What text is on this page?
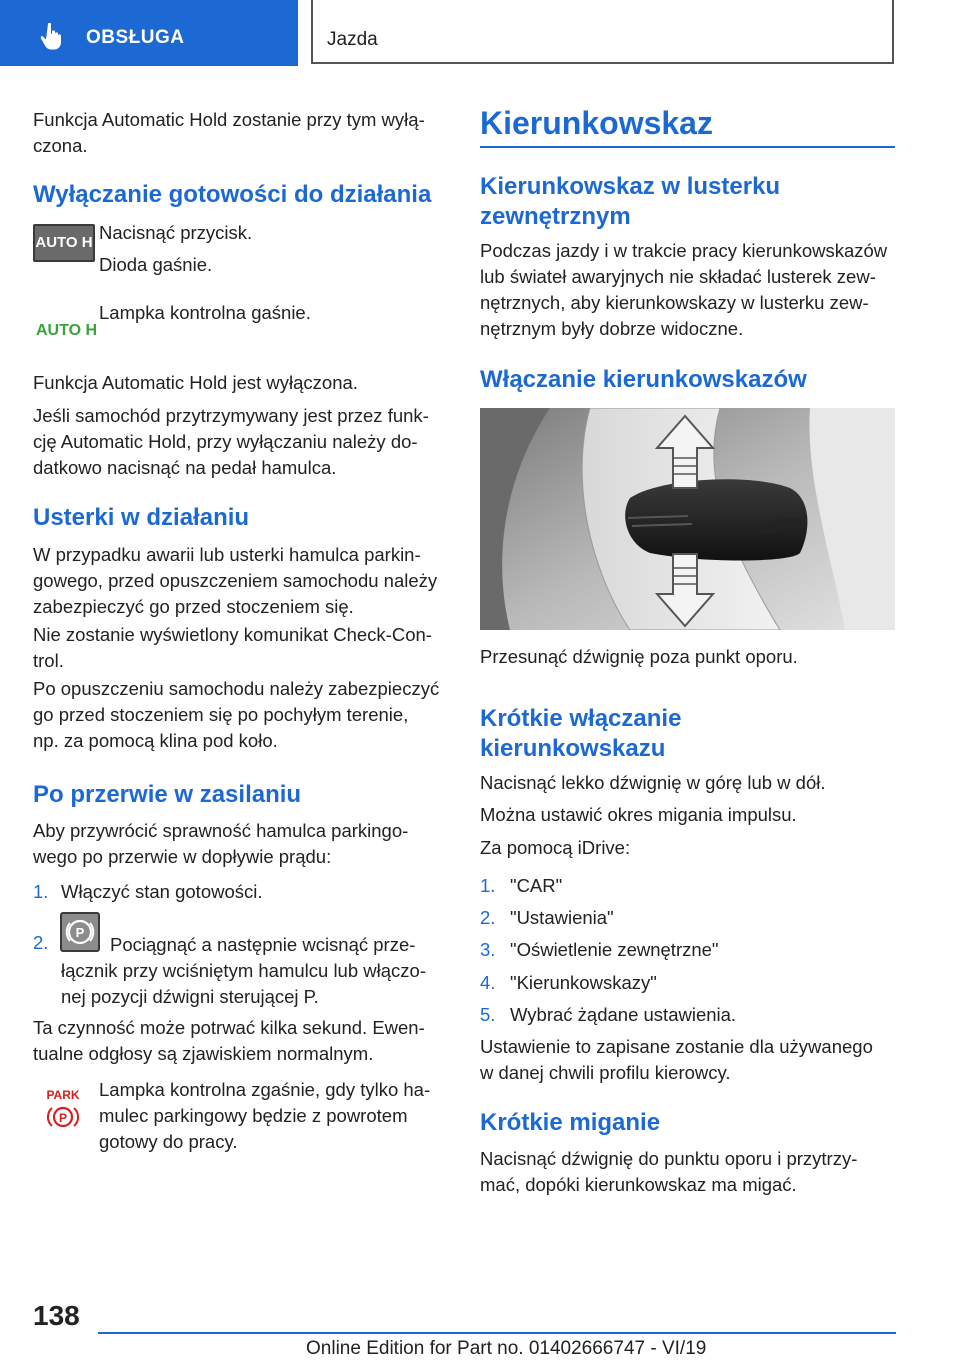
OBSŁUGA	Jazda

Funkcja Automatic Hold zostanie przy tym wyłą-

czona.

Wyłączanie gotowości do działania
AUTO H Nacisnąć przycisk.
Dioda gaśnie.
AUTO H
Lampka kontrolna gaśnie.
Funkcja Automatic Hold jest wyłączona.

Jeśli samochód przytrzymywany jest przez funk-

cję Automatic Hold, przy wyłączaniu należy do-

datkowo nacisnąć na pedał hamulca.

Usterki w działaniu

W przypadku awarii lub usterki hamulca parkin-

gowego, przed opuszczeniem samochodu należy

zabezpieczyć go przed stoczeniem się.

Nie zostanie wyświetlony komunikat Check-Con-

trol.

Po opuszczeniu samochodu należy zabezpieczyć

go przed stoczeniem się po pochyłym terenie,

np. za pomocą klina pod koło.

Po przerwie w zasilaniu

Aby przywrócić sprawność hamulca parkingo-

wego po przerwie w dopływie prądu:

1. Włączyć stan gotowości.
2. P
Pociągnąć a następnie wcisnąć prze-

łącznik przy wciśniętym hamulcu lub włączo-

nej pozycji dźwigni sterującej P.

Ta czynność może potrwać kilka sekund. Ewen-

tualne odgłosy są zjawiskiem normalnym.

PARK
P

Lampka kontrolna zgaśnie, gdy tylko ha-

mulec parkingowy będzie z powrotem

gotowy do pracy.

Kierunkowskaz

Kierunkowskaz w lusterku

zewnętrznym

Podczas jazdy i w trakcie pracy kierunkowskazów

lub świateł awaryjnych nie składać lusterek zew-

nętrznych, aby kierunkowskazy w lusterku zew-

nętrznym były dobrze widoczne.

Włączanie kierunkowskazów
Przesunąć dźwignię poza punkt oporu.

Krótkie włączanie

kierunkowskazu

Nacisnąć lekko dźwignię w górę lub w dół.
Można ustawić okres migania impulsu.
Za pomocą iDrive:
1. "CAR"
2. "Ustawienia"
3. "Oświetlenie zewnętrzne"
4. "Kierunkowskazy"
5. Wybrać żądane ustawienia.

Ustawienie to zapisane zostanie dla używanego

w danej chwili profilu kierowcy.

Krótkie miganie

Nacisnąć dźwignię do punktu oporu i przytrzy-

mać, dopóki kierunkowskaz ma migać.

138
Online Edition for Part no. 01402666747 - VI/19
